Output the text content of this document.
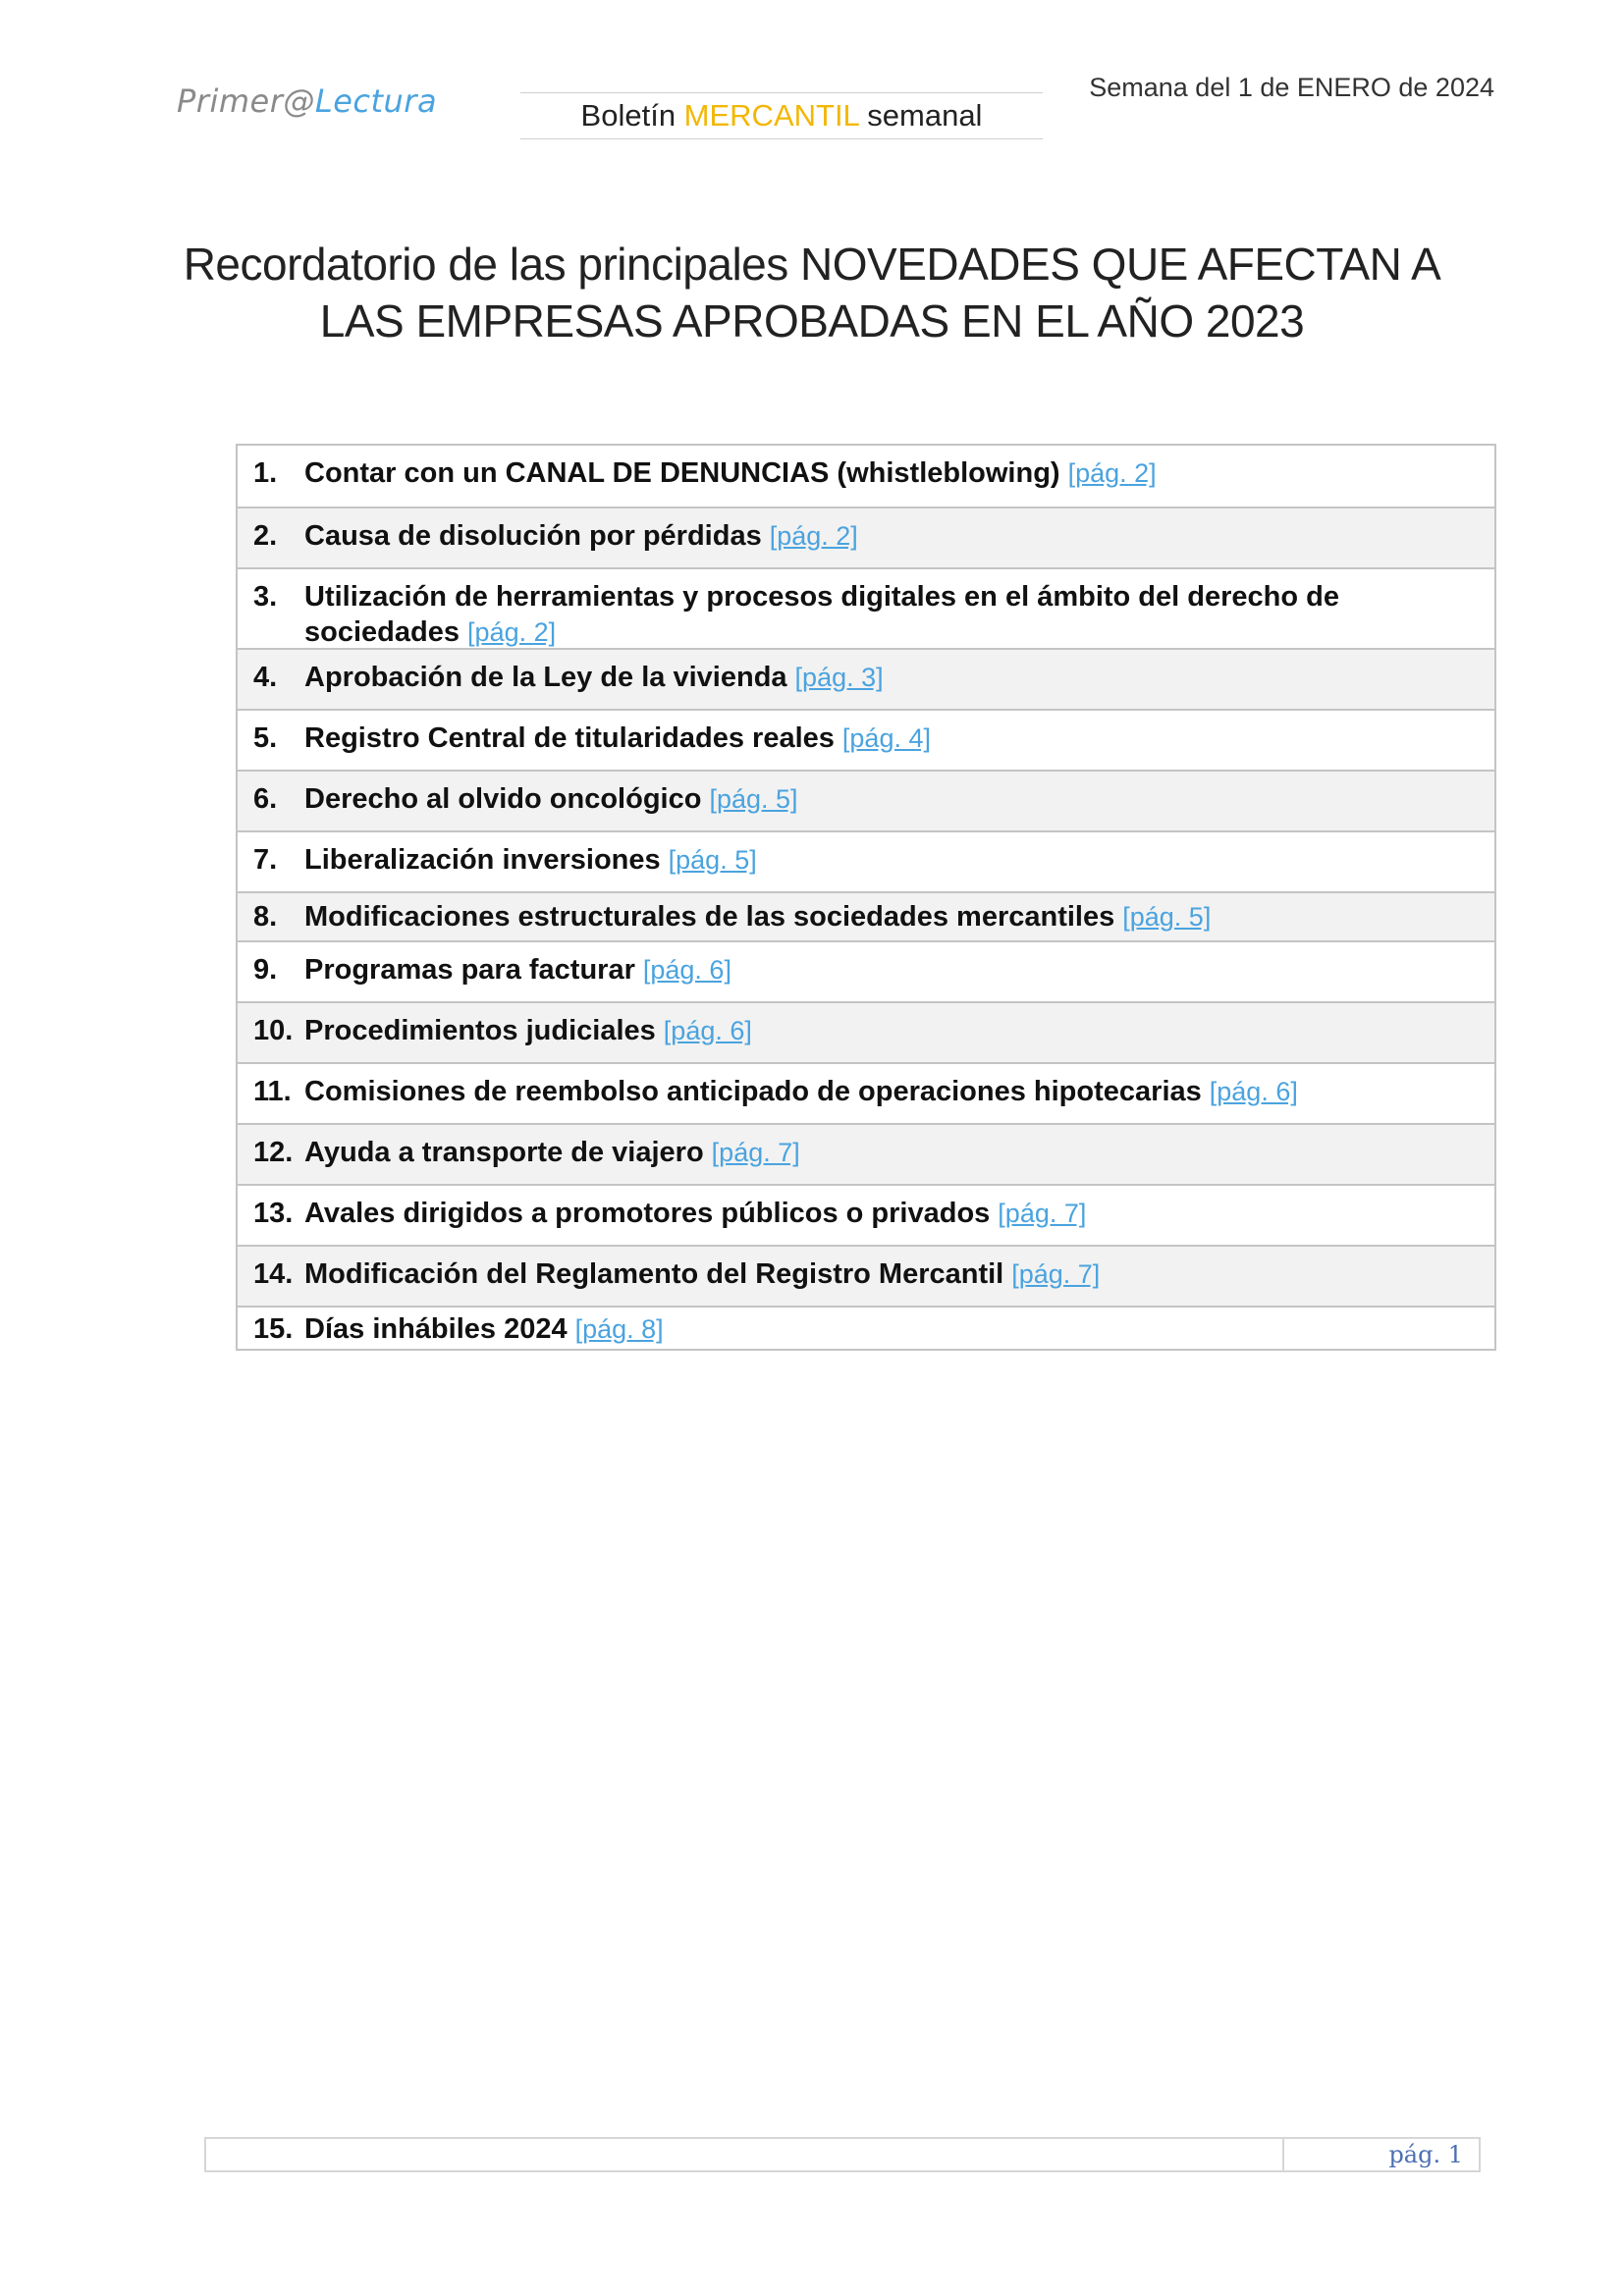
Primer@Lectura	Boletín MERCANTIL semanal
Semana del 1 de ENERO de 2024
Recordatorio de las principales NOVEDADES QUE AFECTAN A
LAS EMPRESAS APROBADAS EN EL AÑO 2023
1. Contar con un CANAL DE DENUNCIAS (whistleblowing) [pág. 2]
2. Causa de disolución por pérdidas [pág. 2]
3. Utilización de herramientas y procesos digitales en el ámbito del derecho de sociedades [pág. 2]
4. Aprobación de la Ley de la vivienda [pág. 3]
5. Registro Central de titularidades reales [pág. 4]
6. Derecho al olvido oncológico [pág. 5]
7. Liberalización inversiones [pág. 5]
8. Modificaciones estructurales de las sociedades mercantiles [pág. 5]
9. Programas para facturar [pág. 6]
10. Procedimientos judiciales [pág. 6]
11. Comisiones de reembolso anticipado de operaciones hipotecarias [pág. 6]
12. Ayuda a transporte de viajero [pág. 7]
13. Avales dirigidos a promotores públicos o privados [pág. 7]
14. Modificación del Reglamento del Registro Mercantil [pág. 7]
15. Días inhábiles 2024 [pág. 8]
pág. 1
